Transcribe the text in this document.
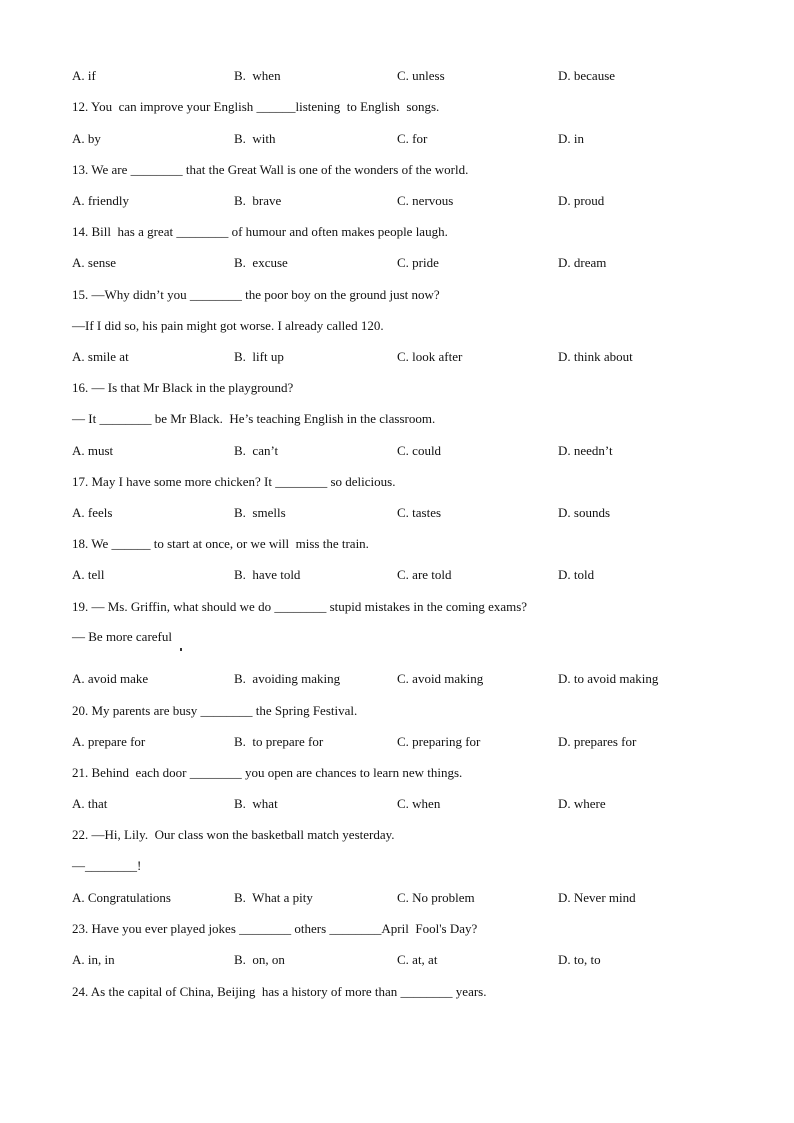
A. if	B.  when	C. unless	D. because
12. You  can improve your English ______listening  to English  songs.
A. by	B.  with	C. for	D. in
13. We are ________ that the Great Wall is one of the wonders of the world.
A. friendly	B.  brave	C. nervous	D. proud
14. Bill  has a great ________ of humour and often makes people laugh.
A. sense	B.  excuse	C. pride	D. dream
15. —Why didn’t you ________ the poor boy on the ground just now?
—If I did so, his pain might got worse. I already called 120.
A. smile at	B.  lift up	C. look after	D. think about
16. — Is that Mr Black in the playground?
— It ________ be Mr Black.  He’s teaching English in the classroom.
A. must	B.  can’t	C. could	D. needn’t
17. May I have some more chicken? It ________ so delicious.
A. feels	B.  smells	C. tastes	D. sounds
18. We ______ to start at once, or we will  miss the train.
A. tell	B.  have told	C. are told	D. told
19. — Ms. Griffin, what should we do ________ stupid mistakes in the coming exams?
— Be more careful
A. avoid make	B.  avoiding making	C. avoid making	D. to avoid making
20. My parents are busy ________ the Spring Festival.
A. prepare for	B.  to prepare for	C. preparing for	D. prepares for
21. Behind  each door ________ you open are chances to learn new things.
A. that	B.  what	C. when	D. where
22. —Hi, Lily.  Our class won the basketball match yesterday.
—________!
A. Congratulations	B.  What a pity	C. No problem	D. Never mind
23. Have you ever played jokes ________ others ________April  Fool's Day?
A. in, in	B.  on, on	C. at, at	D. to, to
24. As the capital of China, Beijing  has a history of more than ________ years.
